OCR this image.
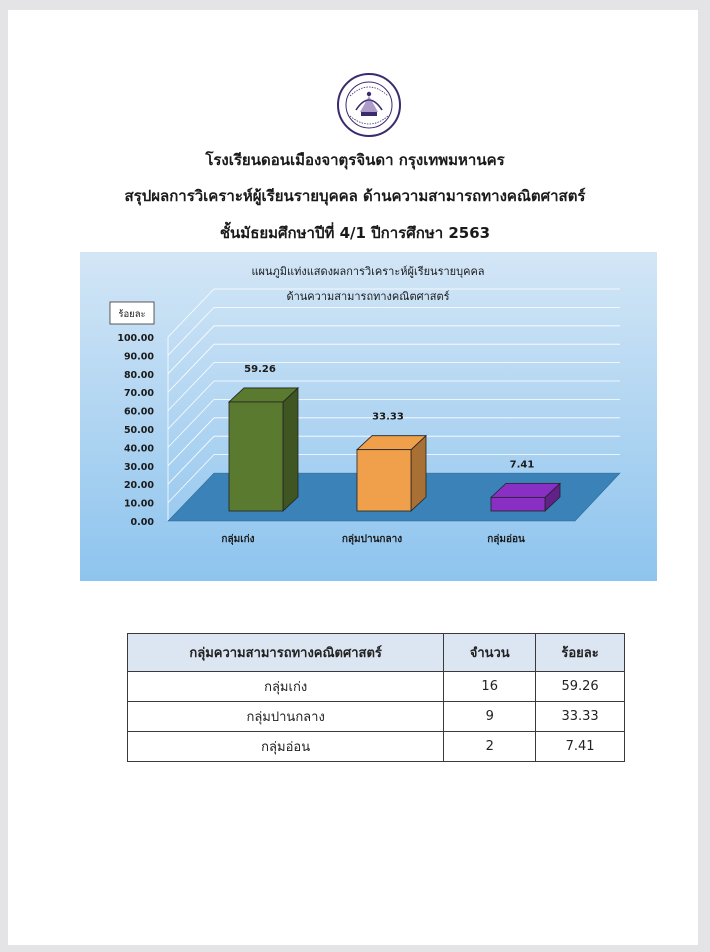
โรงเรียนดอนเมืองจาตุรจินดา กรุงเทพมหานคร
สรุปผลการวิเคราะห์ผู้เรียนรายบุคคล ด้านความสามารถทางคณิตศาสตร์
ชั้นมัธยมศึกษาปีที่ 4/1 ปีการศึกษา 2563
0.00
10.00
20.00
30.00
40.00
50.00
60.00
70.00
80.00
90.00
100.00
59.26
กลุ่มเก่ง
33.33
กลุ่มปานกลาง
7.41
กลุ่มอ่อน
แผนภูมิแท่งแสดงผลการวิเคราะห์ผู้เรียนรายบุคคล
ด้านความสามารถทางคณิตศาสตร์
ร้อยละ
กลุ่มความสามารถทางคณิตศาสตร์	จำนวน	ร้อยละ
กลุ่มเก่ง	16	59.26
กลุ่มปานกลาง	9	33.33
กลุ่มอ่อน	2	7.41
